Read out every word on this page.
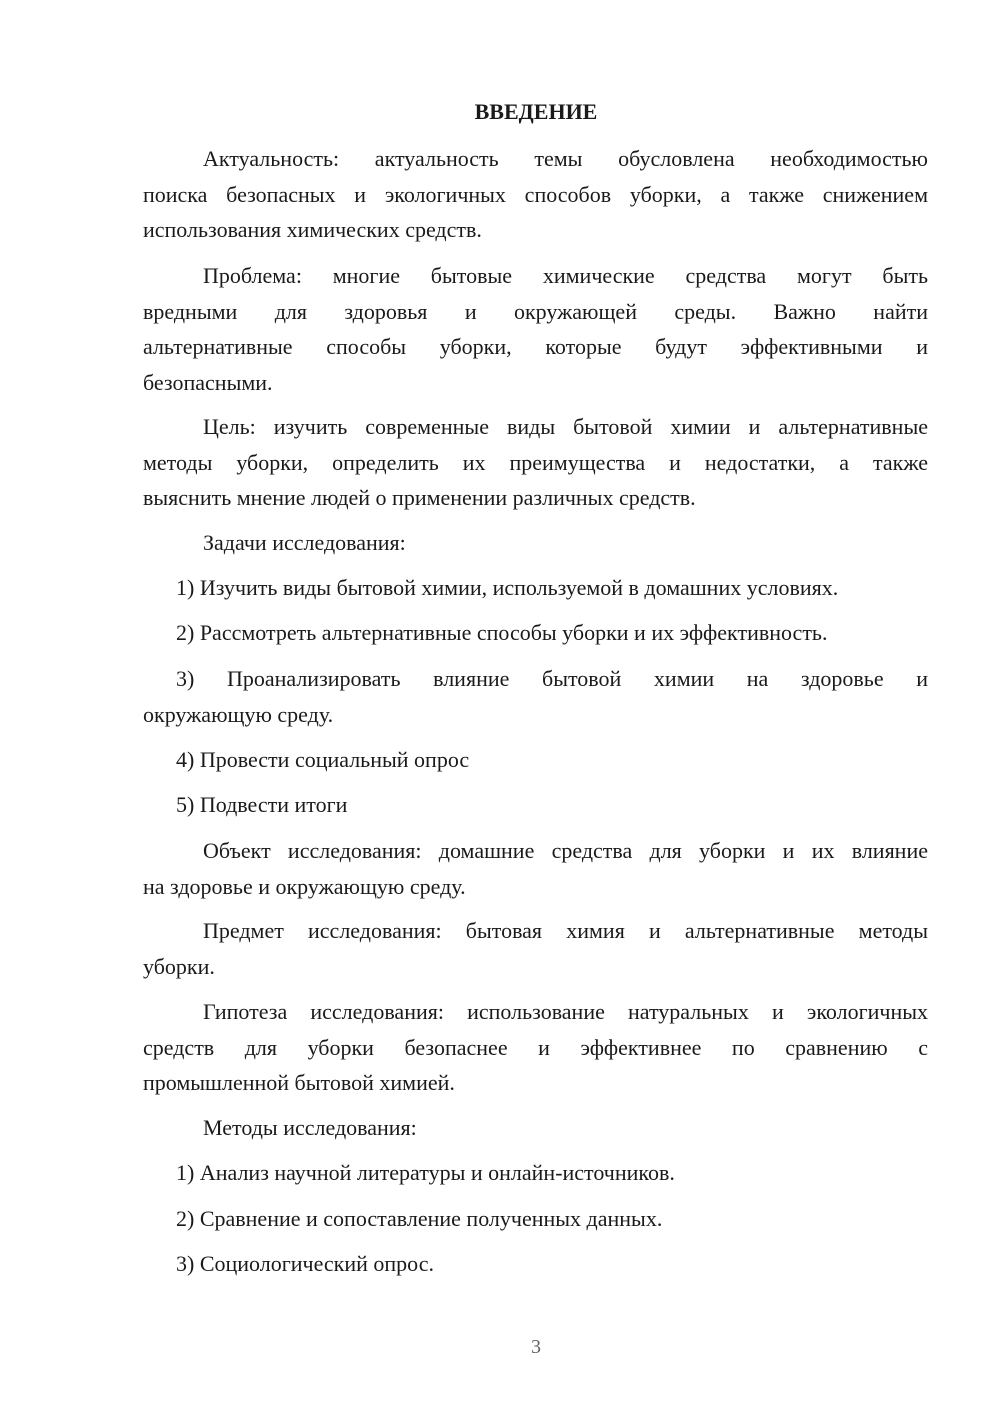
ВВЕДЕНИЕ
Актуальность: актуальность темы обусловлена необходимостью
поиска безопасных и экологичных способов уборки, а также снижением
использования химических средств.
Проблема: многие бытовые химические средства могут быть
вредными для здоровья и окружающей среды. Важно найти
альтернативные способы уборки, которые будут эффективными и
безопасными.
Цель: изучить современные виды бытовой химии и альтернативные
методы уборки, определить их преимущества и недостатки, а также
выяснить мнение людей о применении различных средств.
Задачи исследования:
1) Изучить виды бытовой химии, используемой в домашних условиях.
2) Рассмотреть альтернативные способы уборки и их эффективность.
3) Проанализировать влияние бытовой химии на здоровье и
окружающую среду.
4) Провести социальный опрос
5) Подвести итоги
Объект исследования: домашние средства для уборки и их влияние
на здоровье и окружающую среду.
Предмет исследования: бытовая химия и альтернативные методы
уборки.
Гипотеза исследования: использование натуральных и экологичных
средств для уборки безопаснее и эффективнее по сравнению с
промышленной бытовой химией.
Методы исследования:
1) Анализ научной литературы и онлайн-источников.
2) Сравнение и сопоставление полученных данных.
3) Социологический опрос.
3
